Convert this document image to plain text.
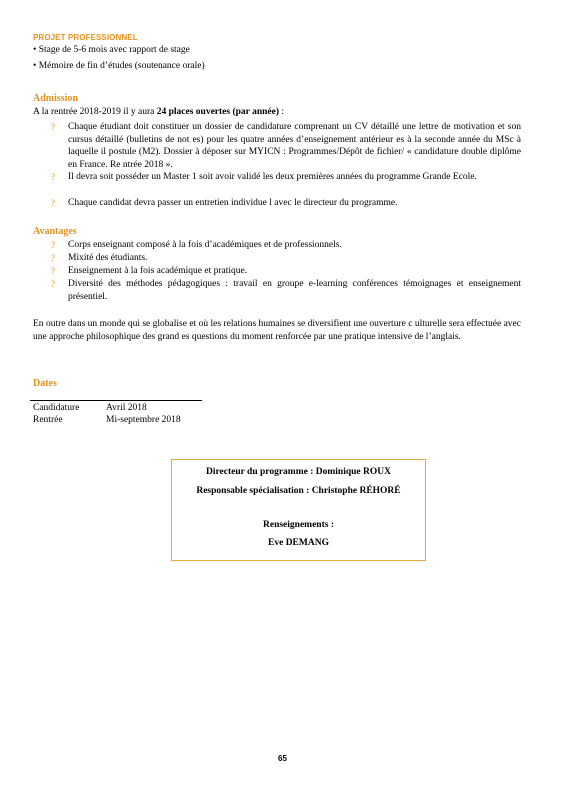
PROJET PROFESSIONNEL
• Stage de 5-6 mois avec rapport de stage
• Mémoire de fin d’études (soutenance orale)
Admission
A la rentrée 2018-2019 il y aura 24 places ouvertes (par année) :
? Chaque étudiant doit constituer un dossier de candidature comprenant un CV détaillé une lettre de motivation et son cursus détaillé (bulletins de not es) pour les quatre années d’enseignement antérieur es à la seconde année du MSc à laquelle il postule (M2). Dossier à déposer sur MYICN : Programmes/Dépôt de fichier/ « candidature double diplôme en France. Re ntrée 2018 ».
? Il devra soit posséder un Master 1 soit avoir validé les deux premières années du programme Grande Ecole.
? Chaque candidat devra passer un entretien individue l avec le directeur du programme.
Avantages
? Corps enseignant composé à la fois d’académiques et de professionnels.
? Mixité des étudiants.
? Enseignement à la fois académique et pratique.
? Diversité des méthodes pédagogiques : travail en groupe e-learning conférences témoignages et enseignement présentiel.
En outre dans un monde qui se globalise et où les relations humaines se diversifient une ouverture c ulturelle sera effectuée avec une approche philosophique des grand es questions du moment renforcée par une pratique intensive de l’anglais.
Dates
Candidature	Avril 2018
Rentrée	Mi-septembre 2018
Directeur du programme : Dominique ROUX
Responsable spécialisation : Christophe RÉHORÉ
Renseignements :
Eve DEMANG
65
